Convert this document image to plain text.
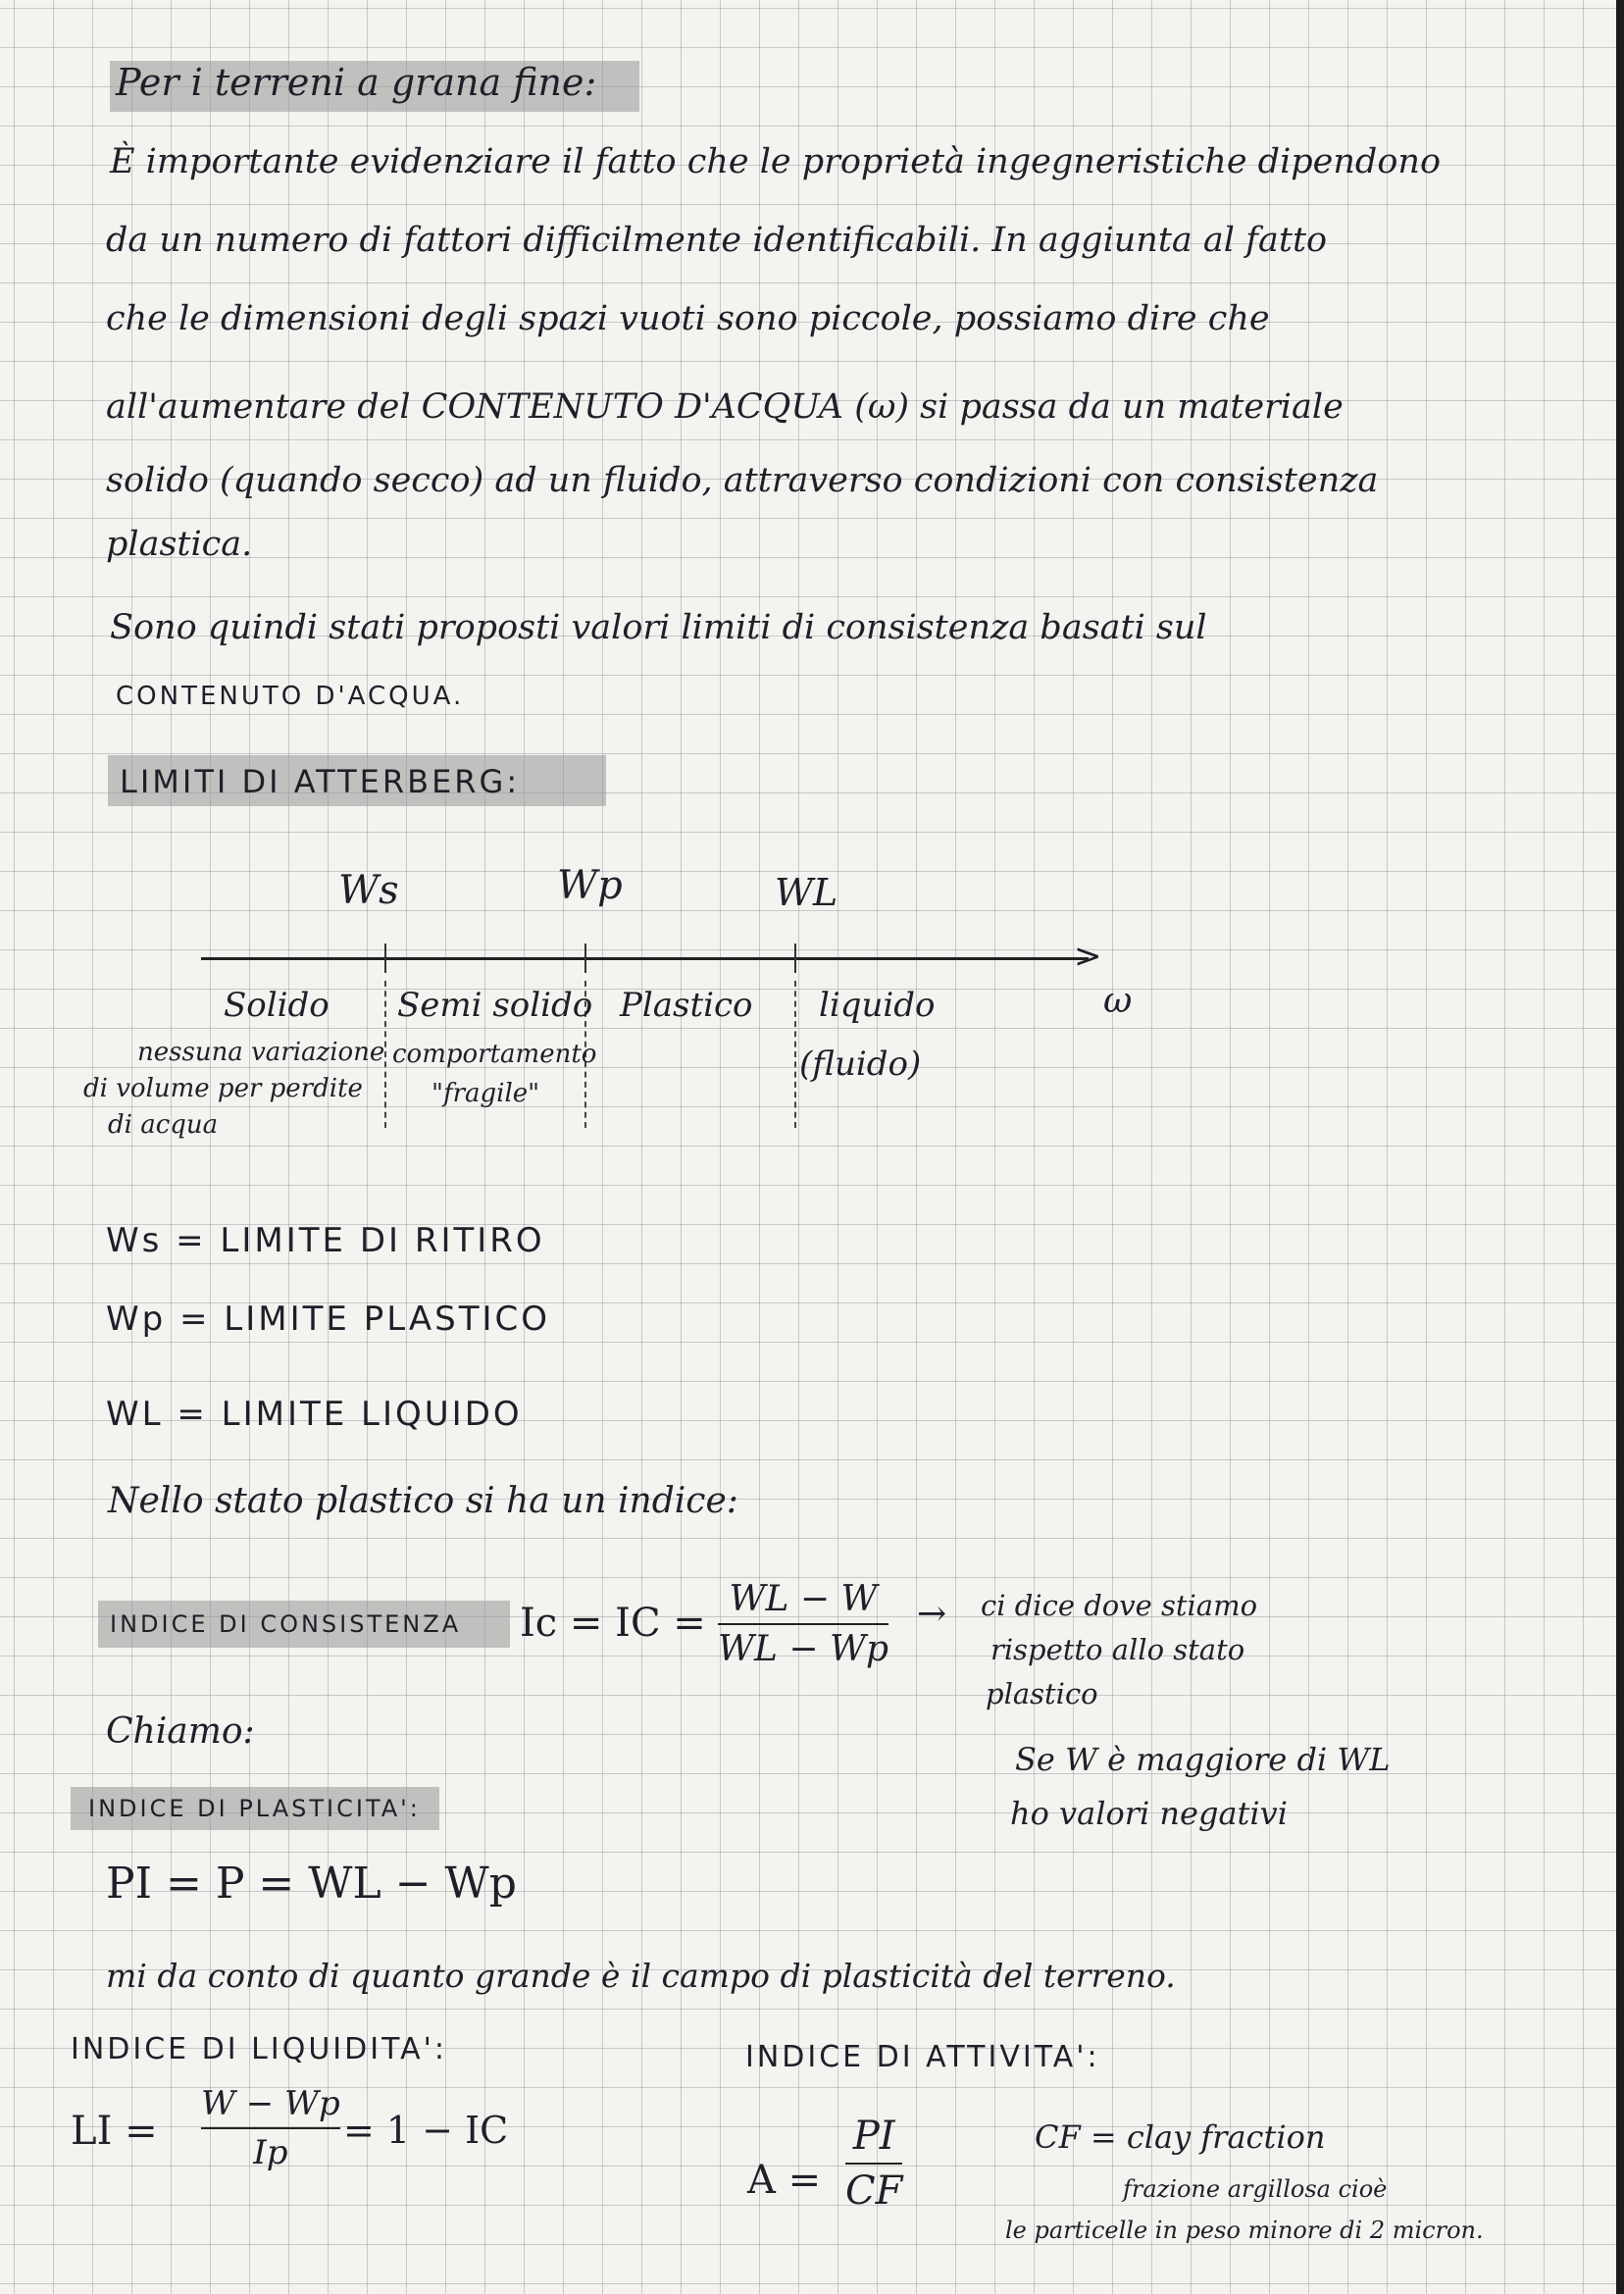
Per i terreni a grana fine:
È importante evidenziare il fatto che le proprietà ingegneristiche dipendono
da un numero di fattori difficilmente identificabili. In aggiunta al fatto
che le dimensioni degli spazi vuoti sono piccole, possiamo dire che
all'aumentare del CONTENUTO D'ACQUA (ω) si passa da un materiale
solido (quando secco) ad un fluido, attraverso condizioni con consistenza
plastica.
Sono quindi stati proposti valori limiti di consistenza basati sul
CONTENUTO D'ACQUA.
LIMITI DI ATTERBERG:
Ws	Wp	WL
>
ω
Solido Semi solido Plastico liquido
(fluido)
nessuna variazione
di volume per perdite
di acqua
comportamento
"fragile"
Ws = LIMITE DI RITIRO
Wp = LIMITE PLASTICO
WL = LIMITE LIQUIDO
Nello stato plastico si ha un indice:
INDICE DI CONSISTENZA Ic = IC =
WL − W
WL − Wp
→ ci dice dove stiamo
rispetto allo stato
plastico
Se W è maggiore di WL
ho valori negativi
Chiamo:
INDICE DI PLASTICITA':
PI = P = WL − Wp
mi da conto di quanto grande è il campo di plasticità del terreno.
INDICE DI LIQUIDITA':
LI =
W − Wp
Ip
= 1 − IC
INDICE DI ATTIVITA':
A =
PI
CF
CF = clay fraction
frazione argillosa cioè
le particelle in peso minore di 2 micron.
